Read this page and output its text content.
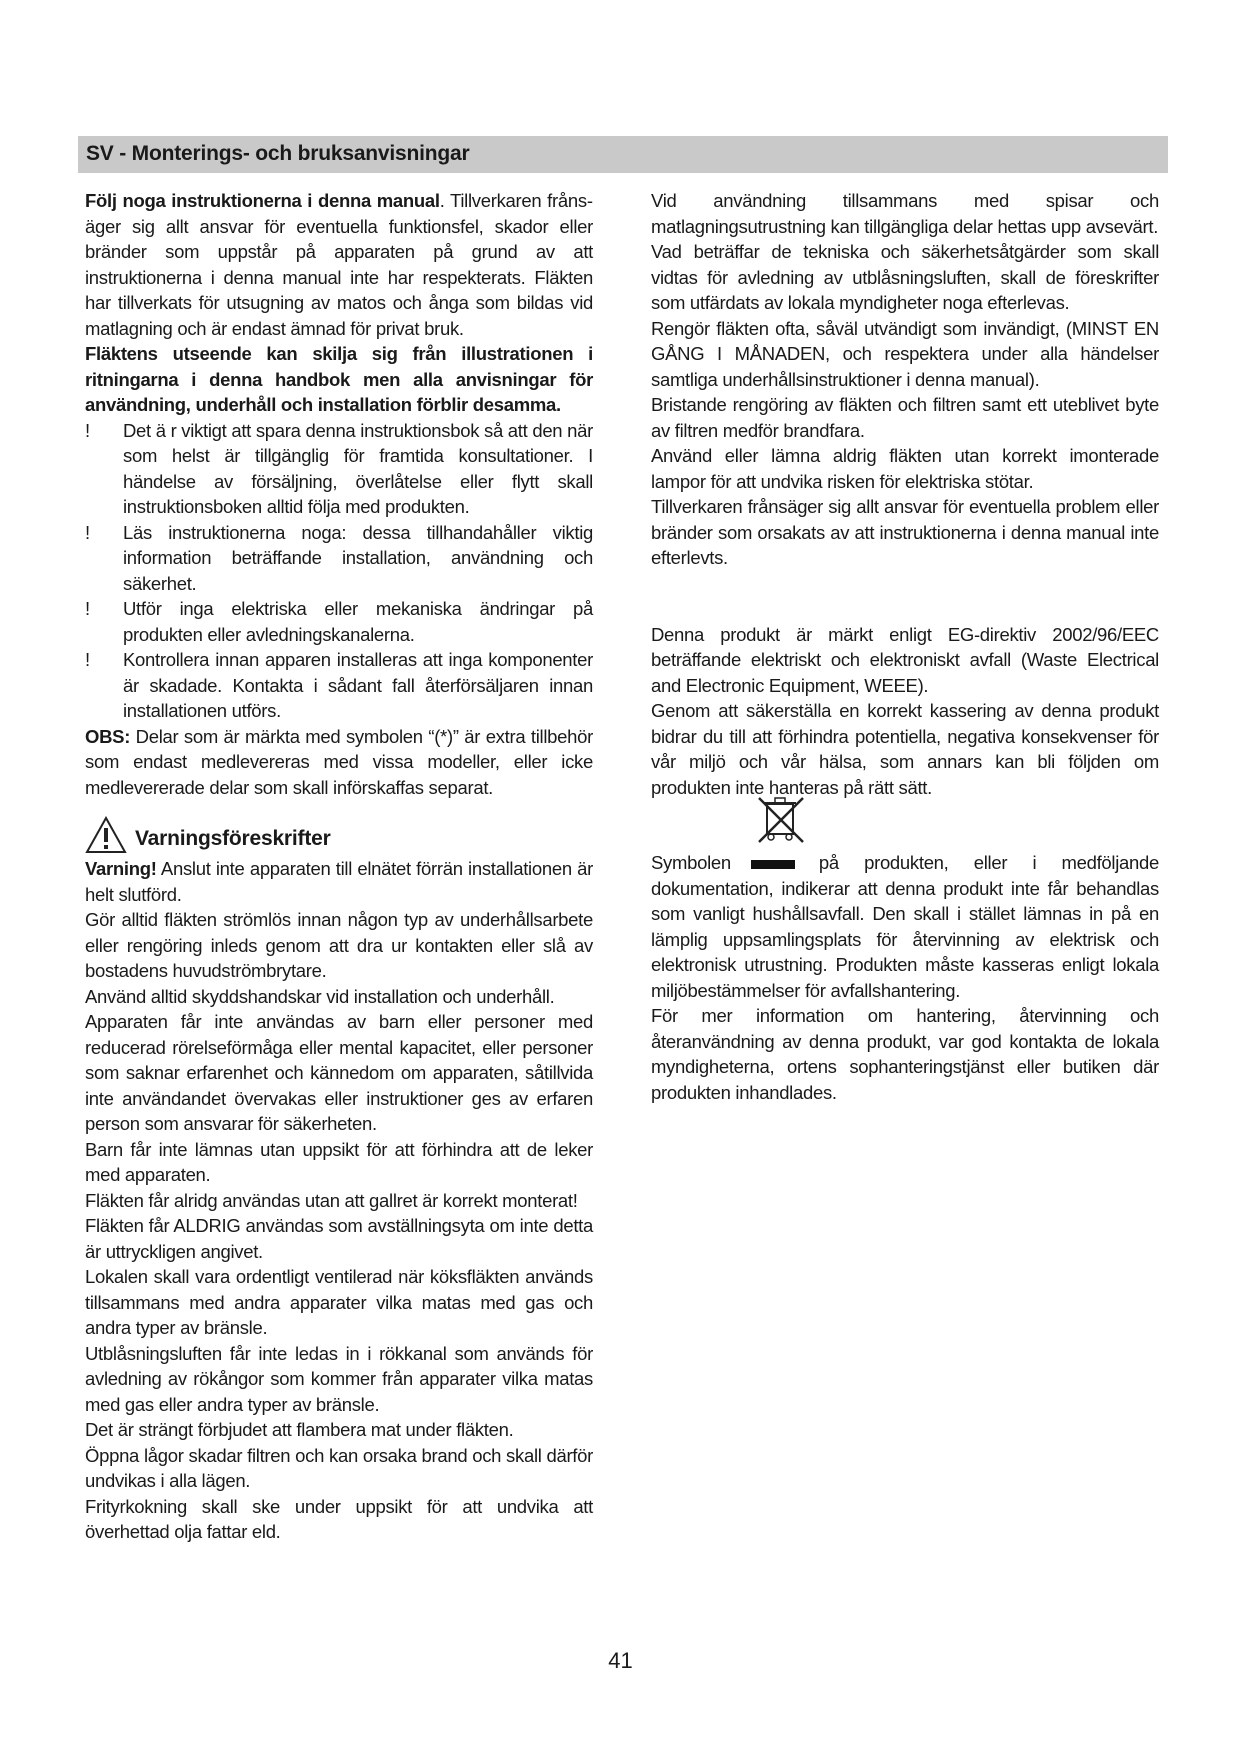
SV - Monterings- och bruksanvisningar

Följ noga instruktionerna i denna manual. Tillverkaren frånsäger sig allt ansvar för eventuella funktionsfel, skador eller bränder som uppstår på apparaten på grund av att instruktionerna i denna manual inte har respekterats. Fläkten har tillverkats för utsugning av matos och ånga som bildas vid matlagning och är endast ämnad för privat bruk.

Fläktens utseende kan skilja sig från illustrationen i ritningarna i denna handbok men alla anvisningar för användning, underhåll och installation förblir desamma.

! Det ä r viktigt att spara denna instruktionsbok så att den när som helst är tillgänglig för framtida konsultationer. I händelse av försäljning, överlåtelse eller flytt skall instruktionsboken alltid följa med produkten.

! Läs instruktionerna noga: dessa tillhandahåller viktig information beträffande installation, användning och säkerhet.

! Utför inga elektriska eller mekaniska ändringar på produkten eller avledningskanalerna.

! Kontrollera innan apparen installeras att inga komponenter är skadade. Kontakta i sådant fall återförsäljaren innan installationen utförs.

OBS: Delar som är märkta med symbolen “(*)” är extra tillbehör som endast medlevereras med vissa modeller, eller icke medlevererade delar som skall införskaffas separat.

Varningsföreskrifter

Varning! Anslut inte apparaten till elnätet förrän installationen är helt slutförd.

Gör alltid fläkten strömlös innan någon typ av underhållsarbete eller rengöring inleds genom att dra ur kontakten eller slå av bostadens huvudströmbrytare.

Använd alltid skyddshandskar vid installation och underhåll.

Apparaten får inte användas av barn eller personer med reducerad rörelseförmåga eller mental kapacitet, eller personer som saknar erfarenhet och kännedom om apparaten, såtillvida inte användandet övervakas eller instruktioner ges av erfaren person som ansvarar för säkerheten.

Barn får inte lämnas utan uppsikt för att förhindra att de leker med apparaten.

Fläkten får alridg användas utan att gallret är korrekt monterat!

Fläkten får ALDRIG användas som avställningsyta om inte detta är uttryckligen angivet.

Lokalen skall vara ordentligt ventilerad när köksfläkten används tillsammans med andra apparater vilka matas med gas och andra typer av bränsle.

Utblåsningsluften får inte ledas in i rökkanal som används för avledning av rökångor som kommer från apparater vilka matas med gas eller andra typer av bränsle.

Det är strängt förbjudet att flambera mat under fläkten.

Öppna lågor skadar filtren och kan orsaka brand och skall därför undvikas i alla lägen.

Frityrkokning skall ske under uppsikt för att undvika att överhettad olja fattar eld.

Vid användning tillsammans med spisar och matlagningsutrustning kan tillgängliga delar hettas upp avsevärt.

Vad beträffar de tekniska och säkerhetsåtgärder som skall vidtas för avledning av utblåsningsluften, skall de föreskrifter som utfärdats av lokala myndigheter noga efterlevas.

Rengör fläkten ofta, såväl utvändigt som invändigt, (MINST EN GÅNG I MÅNADEN, och respektera under alla händelser samtliga underhållsinstruktioner i denna manual).

Bristande rengöring av fläkten och filtren samt ett uteblivet byte av filtren medför brandfara.

Använd eller lämna aldrig fläkten utan korrekt imonterade lampor för att undvika risken för elektriska stötar.

Tillverkaren frånsäger sig allt ansvar för eventuella problem eller bränder som orsakats av att instruktionerna i denna manual inte efterlevts.

Denna produkt är märkt enligt EG-direktiv 2002/96/EEC beträffande elektriskt och elektroniskt avfall (Waste Electrical and Electronic Equipment, WEEE).

Genom att säkerställa en korrekt kassering av denna produkt bidrar du till att förhindra potentiella, negativa konsekvenser för vår miljö och vår hälsa, som annars kan bli följden om produkten inte hanteras på rätt sätt.

Symbolen	på produkten, eller i medföljande dokumentation, indikerar att denna produkt inte får behandlas som vanligt hushållsavfall. Den skall i stället lämnas in på en lämplig uppsamlingsplats för återvinning av elektrisk och elektronisk utrustning. Produkten måste kasseras enligt lokala miljöbestämmelser för avfallshantering.

För mer information om hantering, återvinning och återanvändning av denna produkt, var god kontakta de lokala myndigheterna, ortens sophanteringstjänst eller butiken där produkten inhandlades.

41
